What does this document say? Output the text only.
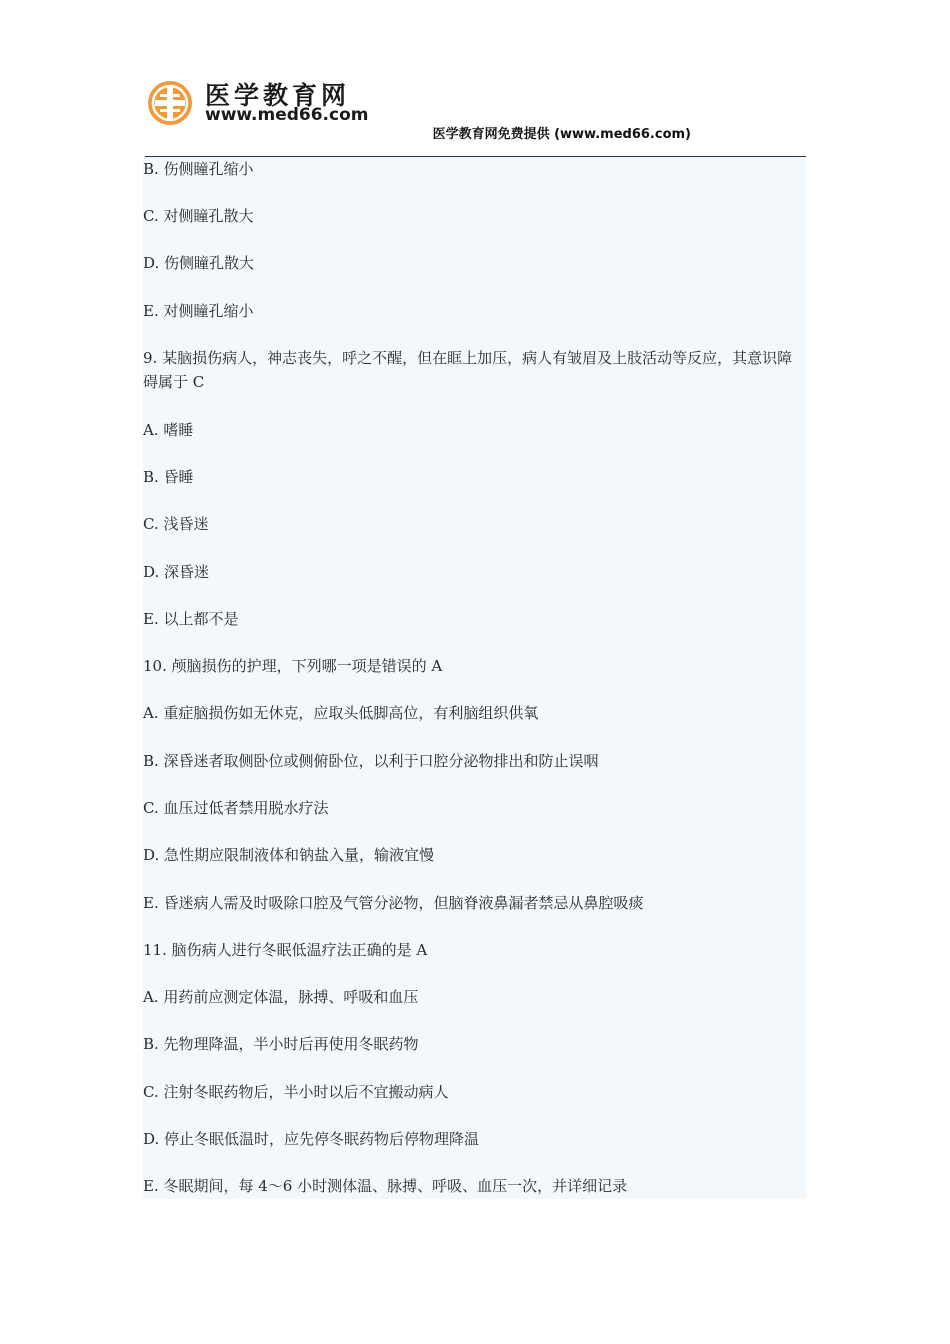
医学教育网
www.med66.com
医学教育网免费提供 (www.med66.com)
B. 伤侧瞳孔缩小
C. 对侧瞳孔散大
D. 伤侧瞳孔散大
E. 对侧瞳孔缩小
9. 某脑损伤病人，神志丧失，呼之不醒，但在眶上加压，病人有皱眉及上肢活动等反应，其意识障碍属于 C
A. 嗜睡
B. 昏睡
C. 浅昏迷
D. 深昏迷
E. 以上都不是
10. 颅脑损伤的护理，下列哪一项是错误的 A
A. 重症脑损伤如无休克，应取头低脚高位，有利脑组织供氧
B. 深昏迷者取侧卧位或侧俯卧位，以利于口腔分泌物排出和防止误咽
C. 血压过低者禁用脱水疗法
D. 急性期应限制液体和钠盐入量，输液宜慢
E. 昏迷病人需及时吸除口腔及气管分泌物，但脑脊液鼻漏者禁忌从鼻腔吸痰
11. 脑伤病人进行冬眠低温疗法正确的是 A
A. 用药前应测定体温，脉搏、呼吸和血压
B. 先物理降温，半小时后再使用冬眠药物
C. 注射冬眠药物后，半小时以后不宜搬动病人
D. 停止冬眠低温时，应先停冬眠药物后停物理降温
E. 冬眠期间，每 4～6 小时测体温、脉搏、呼吸、血压一次，并详细记录
